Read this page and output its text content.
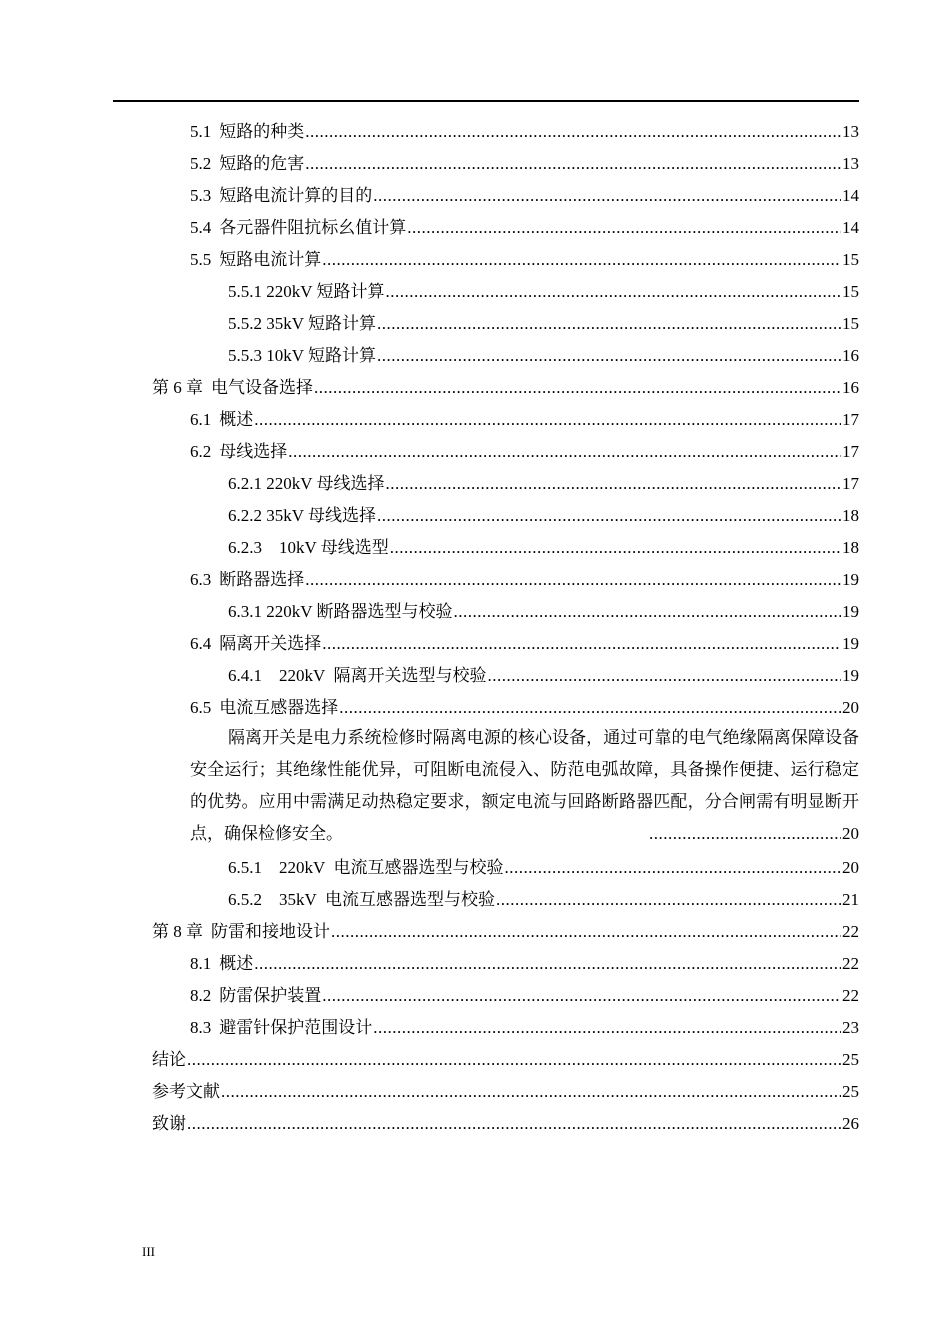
5.1 短路的种类 .....	13
5.2 短路的危害 .....	13
5.3 短路电流计算的目的 .....	14
5.4 各元器件阻抗标幺值计算 .....	14
5.5 短路电流计算 .....	15
5.5.1 220kV 短路计算 .....	15
5.5.2 35kV 短路计算 .....	15
5.5.3 10kV 短路计算 .....	16
第 6 章 电气设备选择 .....	16
6.1 概述 .....	17
6.2 母线选择 .....	17
6.2.1 220kV 母线选择 .....	17
6.2.2 35kV 母线选择 .....	18
6.2.3    10kV 母线选型 .....	18
6.3 断路器选择 .....	19
6.3.1 220kV 断路器选型与校验 .....	19
6.4 隔离开关选择 .....	19
6.4.1    220kV  隔离开关选型与校验 .....	19
6.5 电流互感器选择 .....	20
6.5.1    220kV  电流互感器选型与校验 .....	20
6.5.2    35kV  电流互感器选型与校验 .....	21
第 8 章 防雷和接地设计 .....	22
8.1 概述 .....	22
8.2 防雷保护装置 .....	22
8.3 避雷针保护范围设计 .....	23
结论 .....	25
参考文献 .....	25
致谢 .....	26
隔离开关是电力系统检修时隔离电源的核心设备，通过可靠的电气绝缘隔离保障设备安全运行；其绝缘性能优异，可阻断电流侵入、防范电弧故障，具备操作便捷、运行稳定的优势。应用中需满足动热稳定要求，额定电流与回路断路器匹配，分合闸需有明显断开点，确保检修安全。 .....	20
III
